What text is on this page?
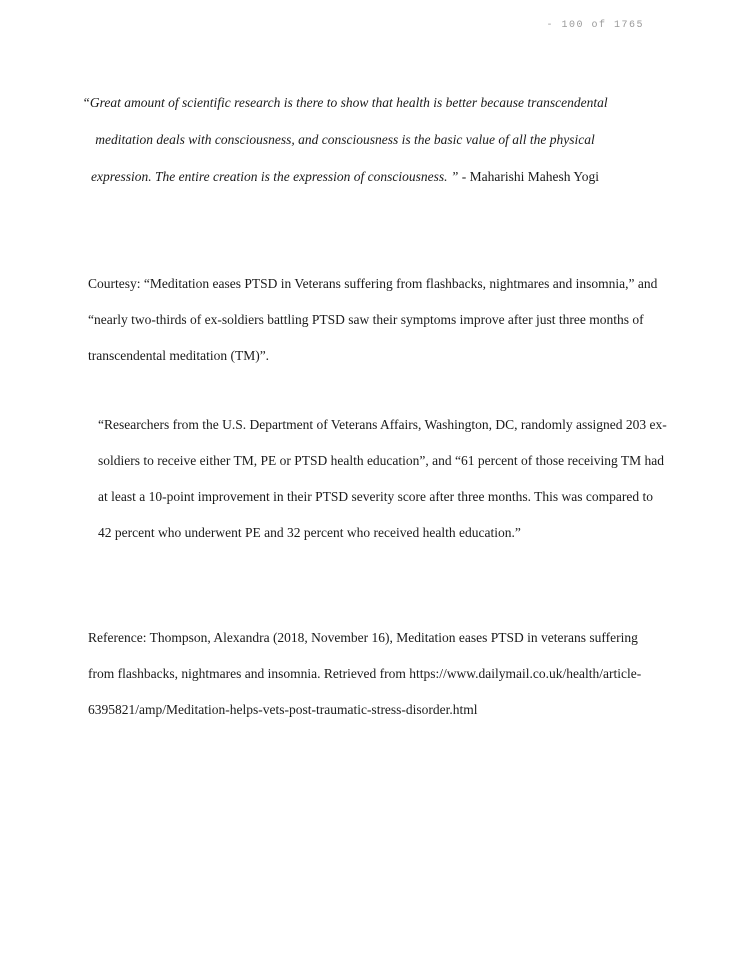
- 100 of 1765
“Great amount of scientific research is there to show that health is better because transcendental meditation deals with consciousness, and consciousness is the basic value of all the physical expression. The entire creation is the expression of consciousness. ” - Maharishi Mahesh Yogi
Courtesy: “Meditation eases PTSD in Veterans suffering from flashbacks, nightmares and insomnia,” and “nearly two-thirds of ex-soldiers battling PTSD saw their symptoms improve after just three months of transcendental meditation (TM)”.
“Researchers from the U.S. Department of Veterans Affairs, Washington, DC, randomly assigned 203 ex-soldiers to receive either TM, PE or PTSD health education”, and “61 percent of those receiving TM had at least a 10-point improvement in their PTSD severity score after three months. This was compared to 42 percent who underwent PE and 32 percent who received health education.”
Reference: Thompson, Alexandra (2018, November 16), Meditation eases PTSD in veterans suffering from flashbacks, nightmares and insomnia. Retrieved from https://www.dailymail.co.uk/health/article-6395821/amp/Meditation-helps-vets-post-traumatic-stress-disorder.html
